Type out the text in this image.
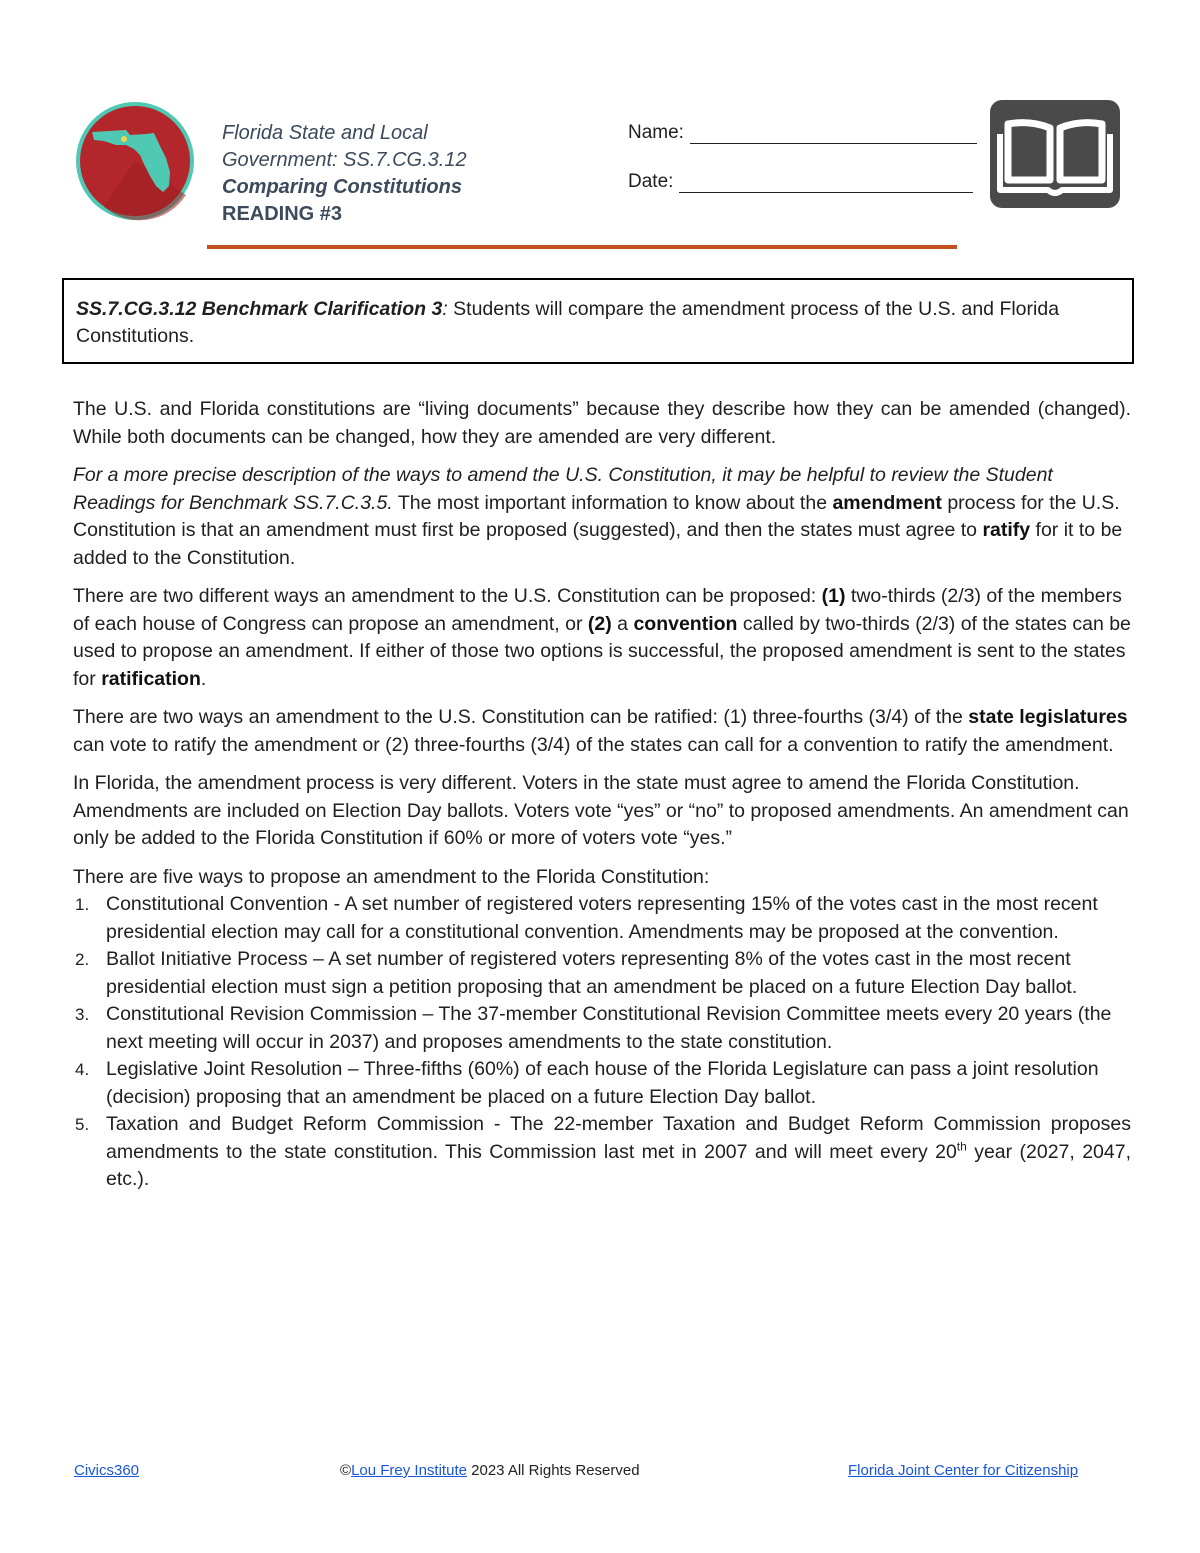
Florida State and Local
Government: SS.7.CG.3.12
Comparing Constitutions
READING #3
Name:
Date:
SS.7.CG.3.12 Benchmark Clarification 3: Students will compare the amendment process of the U.S. and Florida Constitutions.

The U.S. and Florida constitutions are “living documents” because they describe how they can be amended (changed). While both documents can be changed, how they are amended are very different.

For a more precise description of the ways to amend the U.S. Constitution, it may be helpful to review the Student Readings for Benchmark SS.7.C.3.5. The most important information to know about the amendment process for the U.S. Constitution is that an amendment must first be proposed (suggested), and then the states must agree to ratify for it to be added to the Constitution.

There are two different ways an amendment to the U.S. Constitution can be proposed: (1) two-thirds (2/3) of the members of each house of Congress can propose an amendment, or (2) a convention called by two-thirds (2/3) of the states can be used to propose an amendment. If either of those two options is successful, the proposed amendment is sent to the states for ratification.

There are two ways an amendment to the U.S. Constitution can be ratified: (1) three-fourths (3/4) of the state legislatures can vote to ratify the amendment or (2) three-fourths (3/4) of the states can call for a convention to ratify the amendment.

In Florida, the amendment process is very different. Voters in the state must agree to amend the Florida Constitution. Amendments are included on Election Day ballots. Voters vote “yes” or “no” to proposed amendments. An amendment can only be added to the Florida Constitution if 60% or more of voters vote “yes.”

There are five ways to propose an amendment to the Florida Constitution:

1. Constitutional Convention - A set number of registered voters representing 15% of the votes cast in the most recent presidential election may call for a constitutional convention. Amendments may be proposed at the convention.
2. Ballot Initiative Process – A set number of registered voters representing 8% of the votes cast in the most recent presidential election must sign a petition proposing that an amendment be placed on a future Election Day ballot.
3. Constitutional Revision Commission – The 37-member Constitutional Revision Committee meets every 20 years (the next meeting will occur in 2037) and proposes amendments to the state constitution.
4. Legislative Joint Resolution – Three-fifths (60%) of each house of the Florida Legislature can pass a joint resolution (decision) proposing that an amendment be placed on a future Election Day ballot.
5. Taxation and Budget Reform Commission - The 22-member Taxation and Budget Reform Commission proposes amendments to the state constitution. This Commission last met in 2007 and will meet every 20th year (2027, 2047, etc.).
Civics360	©Lou Frey Institute 2023 All Rights Reserved	Florida Joint Center for Citizenship
